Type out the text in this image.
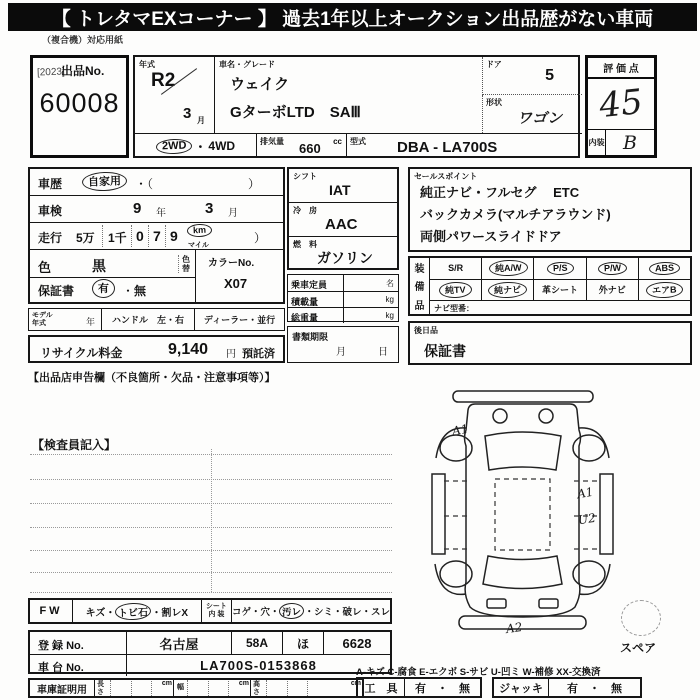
【 トレタマEXコーナー 】 過去1年以上オークション出品歴がない車両
（複合機）対応用紙
[2023]
出品No.
60008
年式
R2
3 月
車名・グレード
ウェイク
GターボLTD　SAⅢ
ドア
5
形状
ワゴン
2WD ・ 4WD	排気量 660 cc 型式 DBA - LA700S
評 価 点
45
内装 B
車歴	自家用	・（	）
車検	9 年	3 月
走行 5万 1千 0 7 9	km
マイル
）
色	黒	色替
保証書	有	・ 無
カラーNo.
X07
モデル年式	年	ハンドル　左・右	ディーラー・並行
リサイクル料金	9,140 円 預託済
【出品店申告欄（不良箇所・欠品・注意事項等）】
シフト
IAT
冷　房
AAC
燃　料
ガソリン
乗車定員	名
積載量	kg
総重量	kg
書類期限
月	日
セールスポイント
純正ナビ・フルセグ　 ETC
バックカメラ(マルチアラウンド)
両側パワースライドドア
装
備
品
S/R	純A/W	P/S	P/W	ABS
純TV	純ナビ	革シート 外ナビ	エアB
ナビ型番：
後日品
保証書
【検査員記入】
A1
A1
U2
A2
スペア
FW	キズ・ トビ石 ・割レX
シート
内 装 コゲ・穴・ 汚レ ・シミ・破レ・スレ
登 録 No.	名古屋	58A	ほ	6628
車 台 No.	LA700S-0153868
車庫証明用	長さ
cm
幅
cm 高さ
cm
A-キズ C-腐食 E-エクボ S-サビ U-凹ミ W-補修 XX-交換済
工　具	有　・　無	ジャッキ	有　・　無
